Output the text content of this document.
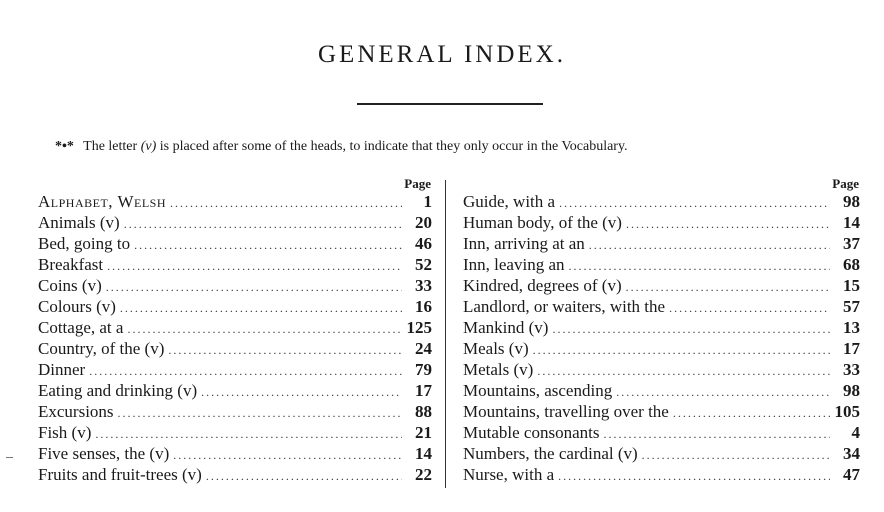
GENERAL INDEX.
*•* The letter (v) is placed after some of the heads, to indicate that they only occur in the Vocabulary.
Page
Alphabet, Welsh .....	1
Animals (v) .....	20
Bed, going to .....	46
Breakfast .....	52
Coins (v) .....	33
Colours (v) .....	16
Cottage, at a .....	125
Country, of the (v) .....	24
Dinner .....	79
Eating and drinking (v) .....	17
Excursions .....	88
Fish (v) .....	21
Five senses, the (v) .....	14
Fruits and fruit-trees (v) .....	22
Page
Guide, with a .....	98
Human body, of the (v) .....	14
Inn, arriving at an .....	37
Inn, leaving an .....	68
Kindred, degrees of (v) .....	15
Landlord, or waiters, with the .....	57
Mankind (v) .....	13
Meals (v) .....	17
Metals (v) .....	33
Mountains, ascending .....	98
Mountains, travelling over the .....	105
Mutable consonants .....	4
Numbers, the cardinal (v) .....	34
Nurse, with a .....	47
